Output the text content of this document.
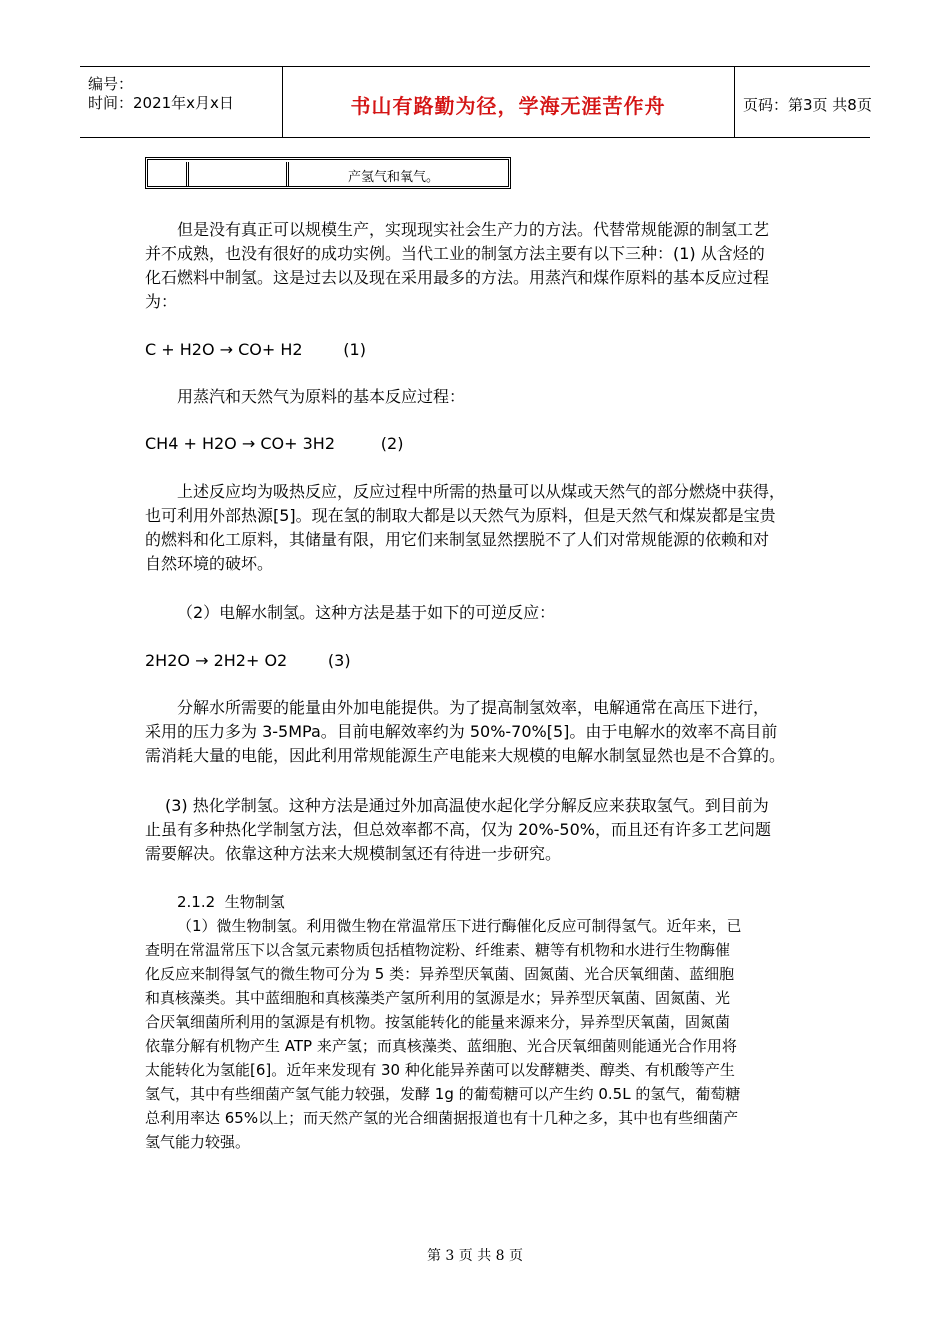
编号：
时间：2021年x月x日	书山有路勤为径，学海无涯苦作舟	页码：第3页 共8页
产氢气和氧气。
但是没有真正可以规模生产，实现现实社会生产力的方法。代替常规能源的制氢工艺
并不成熟，也没有很好的成功实例。当代工业的制氢方法主要有以下三种：(1) 从含烃的
化石燃料中制氢。这是过去以及现在采用最多的方法。用蒸汽和煤作原料的基本反应过程
为：
C + H2O → CO+ H2        (1)
用蒸汽和天然气为原料的基本反应过程：
CH4 + H2O → CO+ 3H2         (2)
上述反应均为吸热反应，反应过程中所需的热量可以从煤或天然气的部分燃烧中获得，
也可利用外部热源[5]。现在氢的制取大都是以天然气为原料，但是天然气和煤炭都是宝贵
的燃料和化工原料，其储量有限，用它们来制氢显然摆脱不了人们对常规能源的依赖和对
自然环境的破坏。
（2）电解水制氢。这种方法是基于如下的可逆反应：
2H2O → 2H2+ O2        (3)
分解水所需要的能量由外加电能提供。为了提高制氢效率，电解通常在高压下进行，
采用的压力多为 3-5MPa。目前电解效率约为 50%-70%[5]。由于电解水的效率不高目前
需消耗大量的电能，因此利用常规能源生产电能来大规模的电解水制氢显然也是不合算的。
(3) 热化学制氢。这种方法是通过外加高温使水起化学分解反应来获取氢气。到目前为
止虽有多种热化学制氢方法，但总效率都不高，仅为 20%-50%，而且还有许多工艺问题
需要解决。依靠这种方法来大规模制氢还有待进一步研究。
2.1.2  生物制氢
（1）微生物制氢。利用微生物在常温常压下进行酶催化反应可制得氢气。近年来，已
查明在常温常压下以含氢元素物质包括植物淀粉、纤维素、糖等有机物和水进行生物酶催
化反应来制得氢气的微生物可分为 5 类：异养型厌氧菌、固氮菌、光合厌氧细菌、蓝细胞
和真核藻类。其中蓝细胞和真核藻类产氢所利用的氢源是水；异养型厌氧菌、固氮菌、光
合厌氧细菌所利用的氢源是有机物。按氢能转化的能量来源来分，异养型厌氧菌，固氮菌
依靠分解有机物产生 ATP 来产氢；而真核藻类、蓝细胞、光合厌氧细菌则能通光合作用将
太能转化为氢能[6]。近年来发现有 30 种化能异养菌可以发酵糖类、醇类、有机酸等产生
氢气，其中有些细菌产氢气能力较强，发酵 1g 的葡萄糖可以产生约 0.5L 的氢气，葡萄糖
总利用率达 65%以上；而天然产氢的光合细菌据报道也有十几种之多，其中也有些细菌产
氢气能力较强。
第 3 页 共 8 页
